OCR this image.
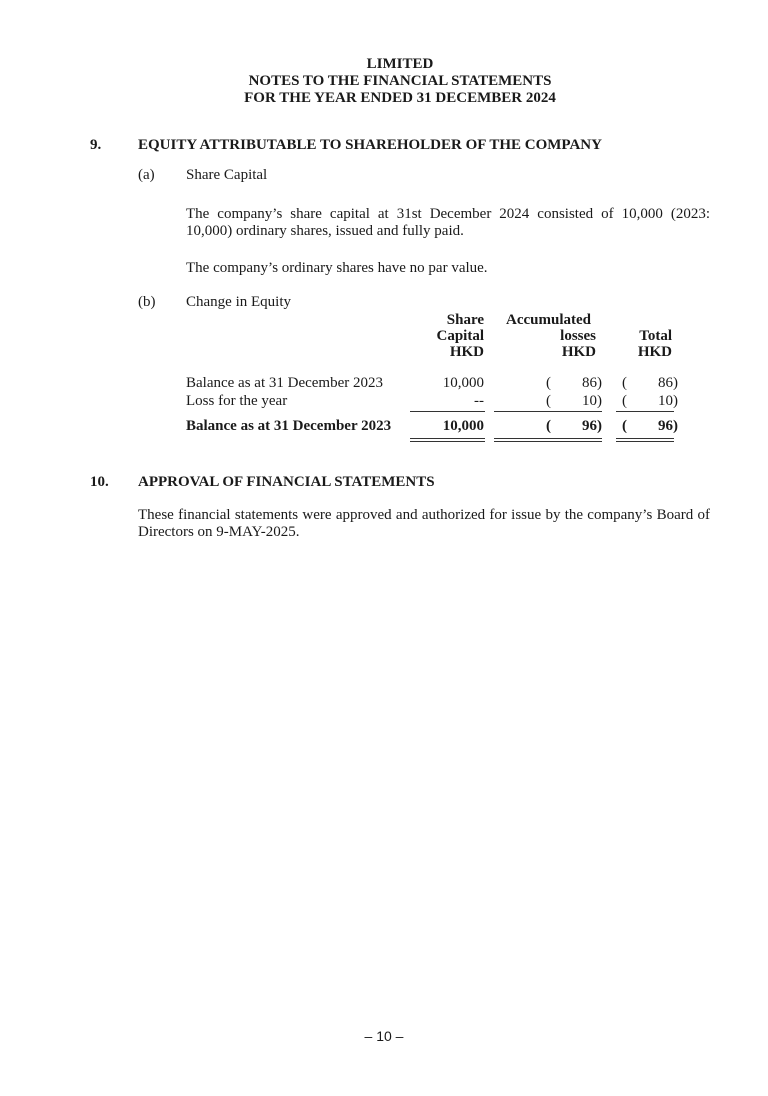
LIMITED
NOTES TO THE FINANCIAL STATEMENTS
FOR THE YEAR ENDED 31 DECEMBER 2024
9. EQUITY ATTRIBUTABLE TO SHAREHOLDER OF THE COMPANY
(a) Share Capital
The company’s share capital at 31st December 2024 consisted of 10,000 (2023: 10,000) ordinary shares, issued and fully paid.
The company’s ordinary shares have no par value.
(b) Change in Equity
Share
Capital
HKD
Accumulated
losses
HKD
Total
HKD
Balance as at 31 December 2023	10,000	(	86) (	86)
Loss for the year	--	(	10) (	10)
Balance as at 31 December 2023	10,000	(	96) (	96)
10. APPROVAL OF FINANCIAL STATEMENTS
These financial statements were approved and authorized for issue by the company’s Board of Directors on 9-MAY-2025.
– 10 –
